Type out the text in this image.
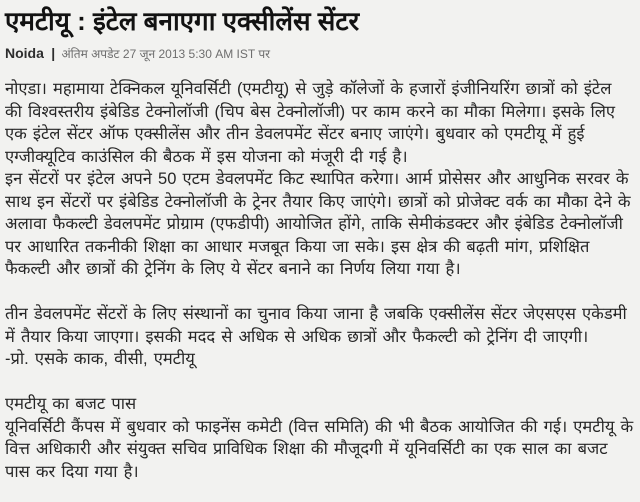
एमटीयू : इंटेल बनाएगा एक्सीलेंस सेंटर
Noida | अंतिम अपडेट 27 जून 2013 5:30 AM IST पर

नोएडा। महामाया टेक्निकल यूनिवर्सिटी (एमटीयू) से जुड़े कॉलेजों के हजारों इंजीनियरिंग छात्रों को इंटेल की विश्वस्तरीय इंबेडिड टेक्नोलॉजी (चिप बेस टेक्नोलॉजी) पर काम करने का मौका मिलेगा। इसके लिए एक इंटेल सेंटर ऑफ एक्सीलेंस और तीन डेवलपमेंट सेंटर बनाए जाएंगे। बुधवार को एमटीयू में हुई एग्जीक्यूटिव काउंसिल की बैठक में इस योजना को मंजूरी दी गई है।

इन सेंटरों पर इंटेल अपने 50 एटम डेवलपमेंट किट स्थापित करेगा। आर्म प्रोसेसर और आधुनिक सरवर के साथ इन सेंटरों पर इंबेडिड टेक्नोलॉजी के ट्रेनर तैयार किए जाएंगे। छात्रों को प्रोजेक्ट वर्क का मौका देने के अलावा फैकल्टी डेवलपमेंट प्रोग्राम (एफडीपी) आयोजित होंगे, ताकि सेमीकंडक्टर और इंबेडिड टेक्नोलॉजी पर आधारित तकनीकी शिक्षा का आधार मजबूत किया जा सके। इस क्षेत्र की बढ़ती मांग, प्रशिक्षित फैकल्टी और छात्रों की ट्रेनिंग के लिए ये सेंटर बनाने का निर्णय लिया गया है।

तीन डेवलपमेंट सेंटरों के लिए संस्थानों का चुनाव किया जाना है जबकि एक्सीलेंस सेंटर जेएसएस एकेडमी में तैयार किया जाएगा। इसकी मदद से अधिक से अधिक छात्रों और फैकल्टी को ट्रेनिंग दी जाएगी।

-प्रो. एसके काक, वीसी, एमटीयू

एमटीयू का बजट पास

यूनिवर्सिटी कैंपस में बुधवार को फाइनेंस कमेटी (वित्त समिति) की भी बैठक आयोजित की गई। एमटीयू के वित्त अधिकारी और संयुक्त सचिव प्राविधिक शिक्षा की मौजूदगी में यूनिवर्सिटी का एक साल का बजट पास कर दिया गया है।
